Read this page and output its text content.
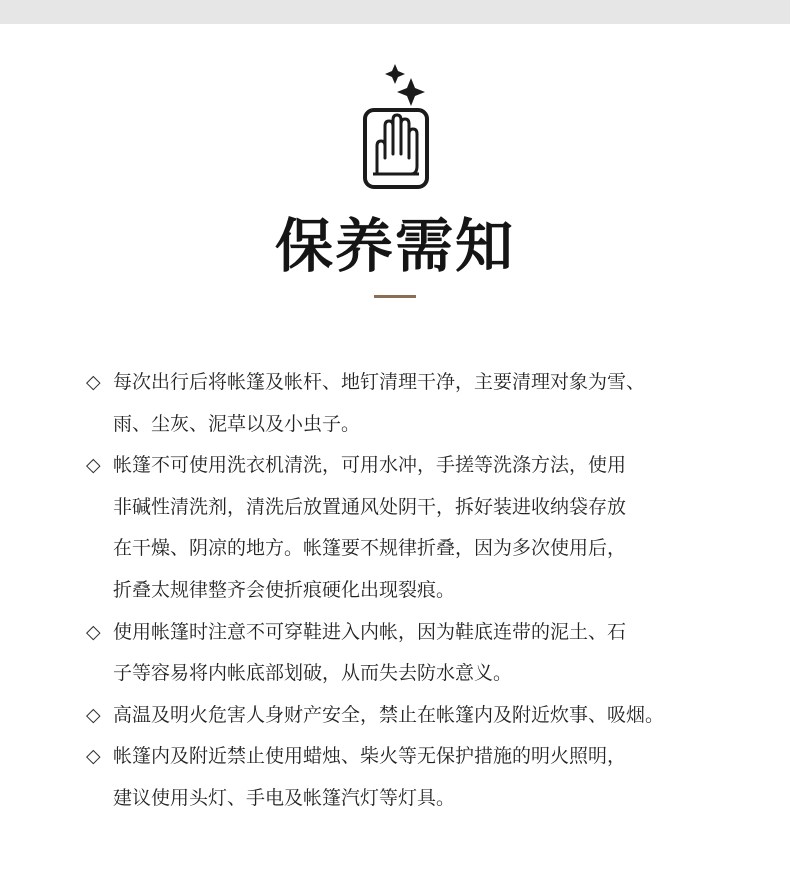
保养需知
◇ 每次出行后将帐篷及帐杆、地钉清理干净，主要清理对象为雪、
雨、尘灰、泥草以及小虫子。
◇ 帐篷不可使用洗衣机清洗，可用水冲，手搓等洗涤方法，使用
非碱性清洗剂，清洗后放置通风处阴干，拆好装进收纳袋存放
在干燥、阴凉的地方。帐篷要不规律折叠，因为多次使用后，
折叠太规律整齐会使折痕硬化出现裂痕。
◇ 使用帐篷时注意不可穿鞋进入内帐，因为鞋底连带的泥土、石
子等容易将内帐底部划破，从而失去防水意义。
◇ 高温及明火危害人身财产安全，禁止在帐篷内及附近炊事、吸烟。
◇ 帐篷内及附近禁止使用蜡烛、柴火等无保护措施的明火照明，
建议使用头灯、手电及帐篷汽灯等灯具。
